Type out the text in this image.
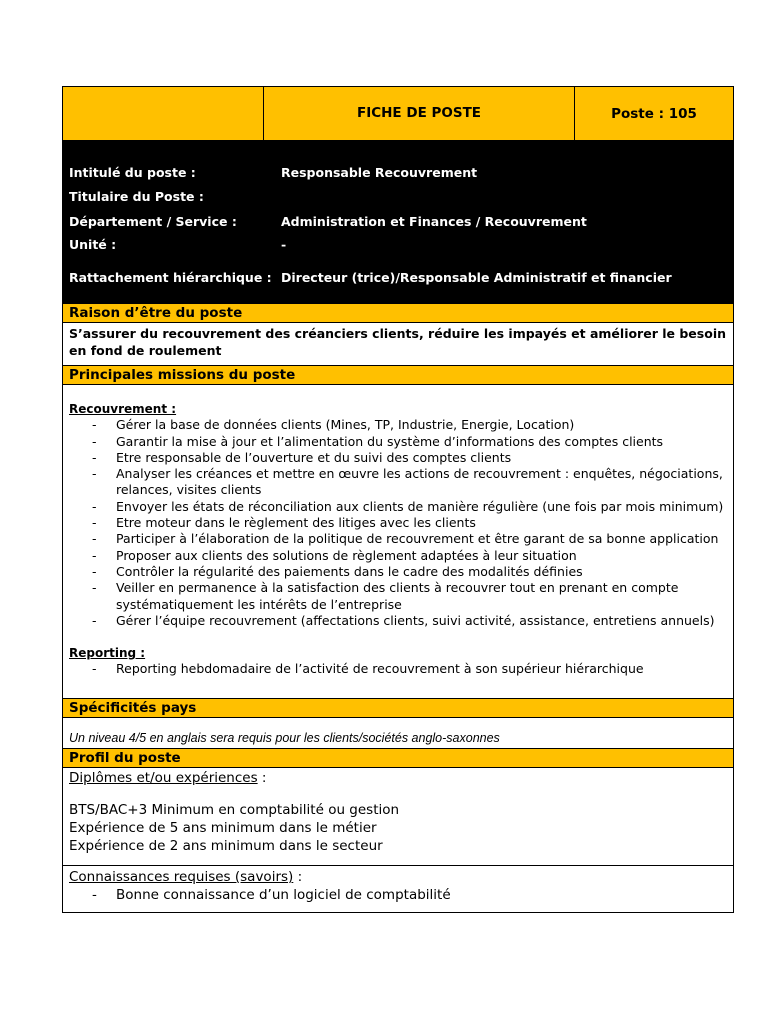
FICHE DE POSTE	Poste : 105
Intitulé du poste :	Responsable Recouvrement
Titulaire du Poste :
Département / Service :	Administration et Finances / Recouvrement
Unité :	-
Rattachement hiérarchique : Directeur (trice)/Responsable Administratif et financier
Raison d’être du poste
S’assurer du recouvrement des créanciers clients, réduire les impayés et améliorer le besoin en fond de roulement
Principales missions du poste
Recouvrement :
- Gérer la base de données clients (Mines, TP, Industrie, Energie, Location)
- Garantir la mise à jour et l’alimentation du système d’informations des comptes clients
- Etre responsable de l’ouverture et du suivi des comptes clients
- Analyser les créances et mettre en œuvre les actions de recouvrement : enquêtes, négociations, relances, visites clients
- Envoyer les états de réconciliation aux clients de manière régulière (une fois par mois minimum)
- Etre moteur dans le règlement des litiges avec les clients
- Participer à l’élaboration de la politique de recouvrement et être garant de sa bonne application
- Proposer aux clients des solutions de règlement adaptées à leur situation
- Contrôler la régularité des paiements dans le cadre des modalités définies
- Veiller en permanence à la satisfaction des clients à recouvrer tout en prenant en compte systématiquement les intérêts de l’entreprise
- Gérer l’équipe recouvrement (affectations clients, suivi activité, assistance, entretiens annuels)
Reporting :
- Reporting hebdomadaire de l’activité de recouvrement à son supérieur hiérarchique
Spécificités pays
Un niveau 4/5 en anglais sera requis pour les clients/sociétés anglo-saxonnes
Profil du poste
Diplômes et/ou expériences :
BTS/BAC+3 Minimum en comptabilité ou gestion
Expérience de 5 ans minimum dans le métier
Expérience de 2 ans minimum dans le secteur
Connaissances requises (savoirs) :
- Bonne connaissance d’un logiciel de comptabilité
